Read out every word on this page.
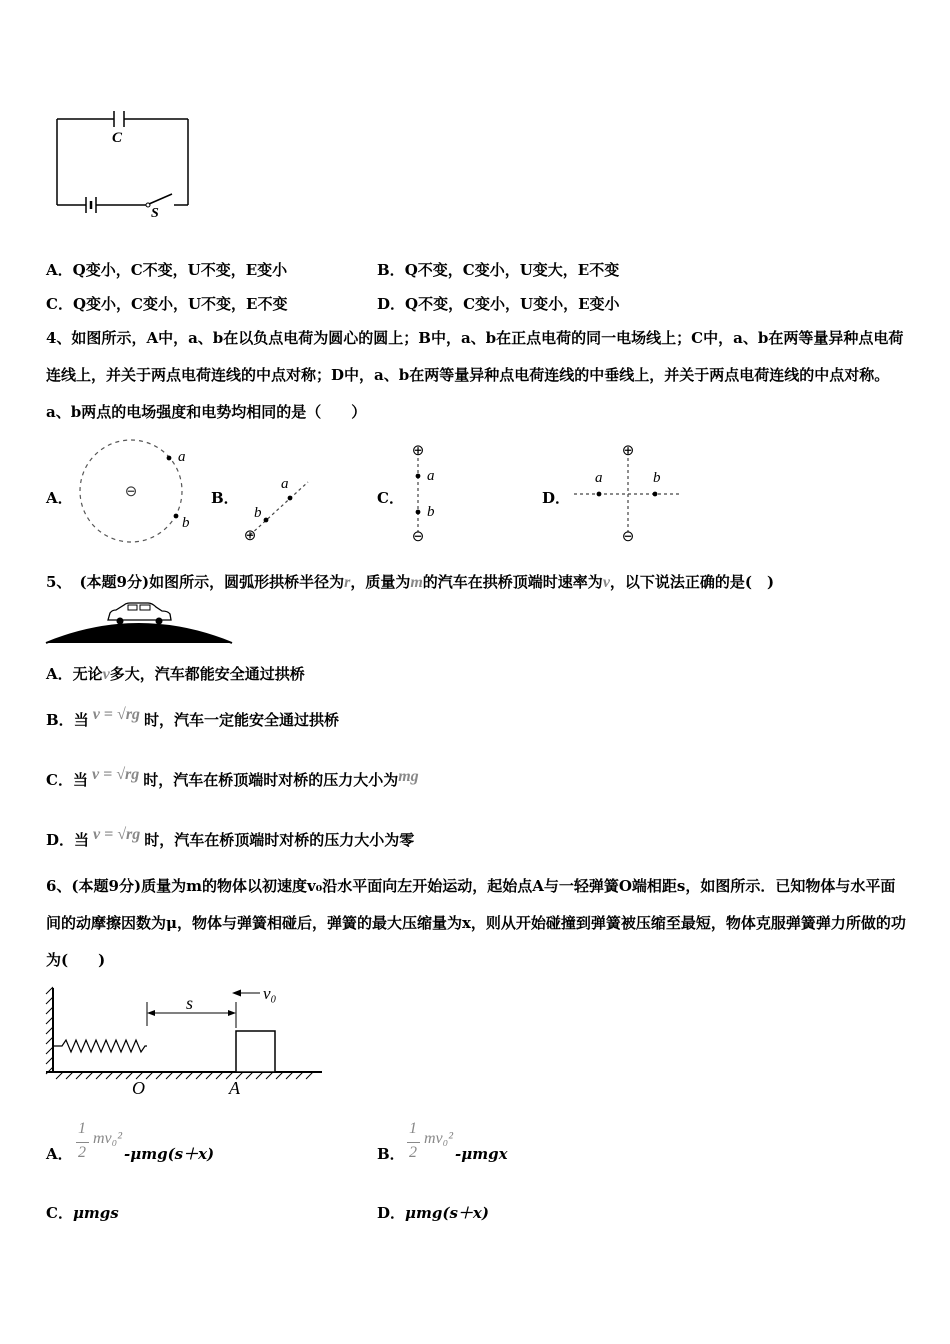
C
S
A．Q变小，C不变，U不变，E变小	B．Q不变，C变小，U变大，E不变
C．Q变小，C变小，U不变，E不变	D．Q不变，C变小，U变小，E变小
4、如图所示，A中，a、b在以负点电荷为圆心的圆上；B中，a、b在正点电荷的同一电场线上；C中，a、b在两等量异种点电荷连线上，并关于两点电荷连线的中点对称；D中，a、b在两等量异种点电荷连线的中垂线上，并关于两点电荷连线的中点对称。a、b两点的电场强度和电势均相同的是（　　）
A．	⊖
a
b
B．
⊕
b
a
C．
⊕
⊖
a
b
D．
⊕
⊖
a	b
5、 (本题9分)如图所示，圆弧形拱桥半径为r，质量为m的汽车在拱桥顶端时速率为v，以下说法正确的是(　)
A．无论v多大，汽车都能安全通过拱桥
B．当 v = √rg 时，汽车一定能安全通过拱桥
C．当 v = √rg 时，汽车在桥顶端时对桥的压力大小为mg
D．当 v = √rg 时，汽车在桥顶端时对桥的压力大小为零
6、(本题9分)质量为m的物体以初速度v₀沿水平面向左开始运动，起始点A与一轻弹簧O端相距s，如图所示．已知物体与水平面间的动摩擦因数为μ，物体与弹簧相碰后，弹簧的最大压缩量为x，则从开始碰撞到弹簧被压缩至最短，物体克服弹簧弹力所做的功为(　　)
s	v₀
O	A
A．
1
2
mv₀²
-μmg(s＋x)	B．
1
2
mv₀²
-μmgx
C．μmgs	D．μmg(s＋x)
